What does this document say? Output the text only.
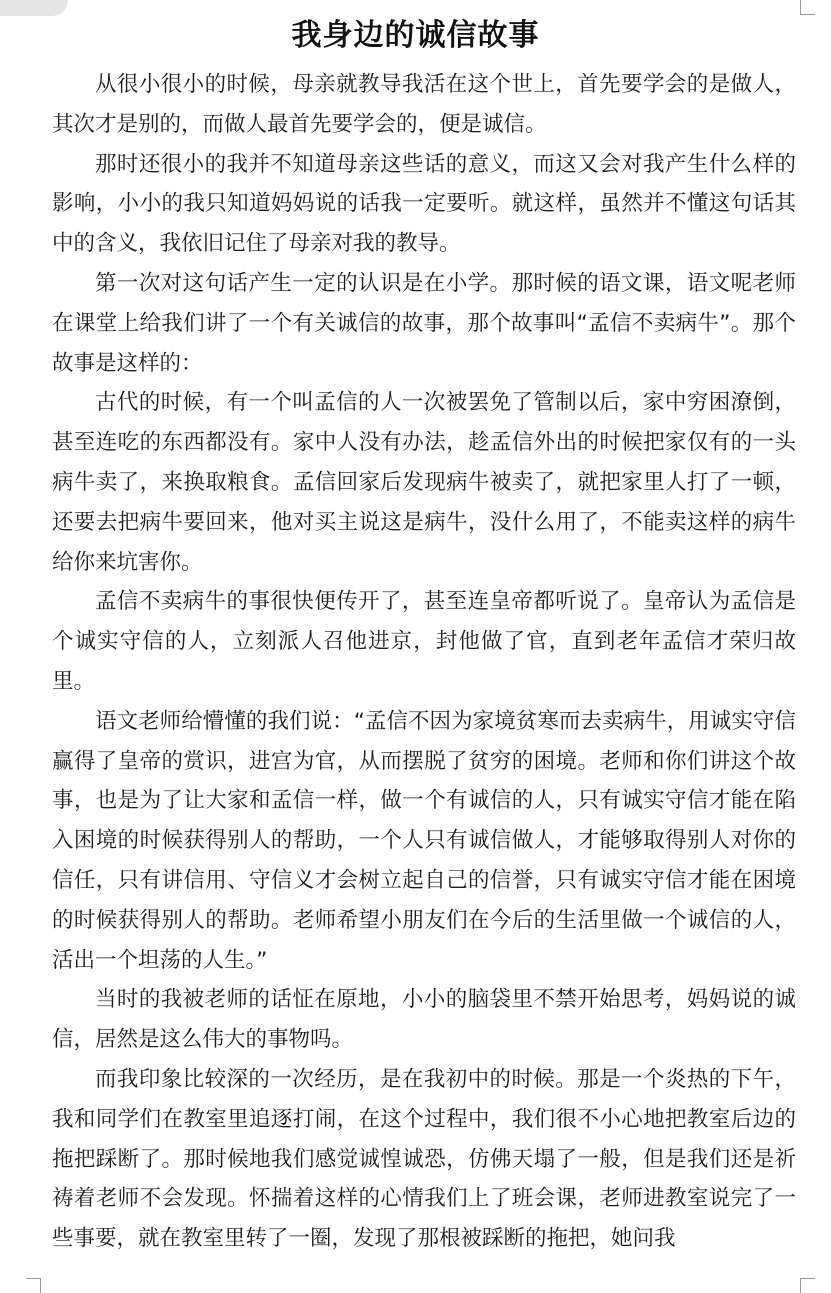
我身边的诚信故事

从很小很小的时候，母亲就教导我活在这个世上，首先要学会的是做人，其次才是别的，而做人最首先要学会的，便是诚信。

那时还很小的我并不知道母亲这些话的意义，而这又会对我产生什么样的影响，小小的我只知道妈妈说的话我一定要听。就这样，虽然并不懂这句话其中的含义，我依旧记住了母亲对我的教导。

第一次对这句话产生一定的认识是在小学。那时候的语文课，语文呢老师在课堂上给我们讲了一个有关诚信的故事，那个故事叫“孟信不卖病牛”。那个故事是这样的：

古代的时候，有一个叫孟信的人一次被罢免了管制以后，家中穷困潦倒，甚至连吃的东西都没有。家中人没有办法，趁孟信外出的时候把家仅有的一头病牛卖了，来换取粮食。孟信回家后发现病牛被卖了，就把家里人打了一顿，还要去把病牛要回来，他对买主说这是病牛，没什么用了，不能卖这样的病牛给你来坑害你。

孟信不卖病牛的事很快便传开了，甚至连皇帝都听说了。皇帝认为孟信是个诚实守信的人，立刻派人召他进京，封他做了官，直到老年孟信才荣归故里。

语文老师给懵懂的我们说：“孟信不因为家境贫寒而去卖病牛，用诚实守信赢得了皇帝的赏识，进宫为官，从而摆脱了贫穷的困境。老师和你们讲这个故事，也是为了让大家和孟信一样，做一个有诚信的人，只有诚实守信才能在陷入困境的时候获得别人的帮助，一个人只有诚信做人，才能够取得别人对你的信任，只有讲信用、守信义才会树立起自己的信誉，只有诚实守信才能在困境的时候获得别人的帮助。老师希望小朋友们在今后的生活里做一个诚信的人，活出一个坦荡的人生。”

当时的我被老师的话怔在原地，小小的脑袋里不禁开始思考，妈妈说的诚信，居然是这么伟大的事物吗。

而我印象比较深的一次经历，是在我初中的时候。那是一个炎热的下午，我和同学们在教室里追逐打闹，在这个过程中，我们很不小心地把教室后边的拖把踩断了。那时候地我们感觉诚惶诚恐，仿佛天塌了一般，但是我们还是祈祷着老师不会发现。怀揣着这样的心情我们上了班会课，老师进教室说完了一些事要，就在教室里转了一圈，发现了那根被踩断的拖把，她问我
